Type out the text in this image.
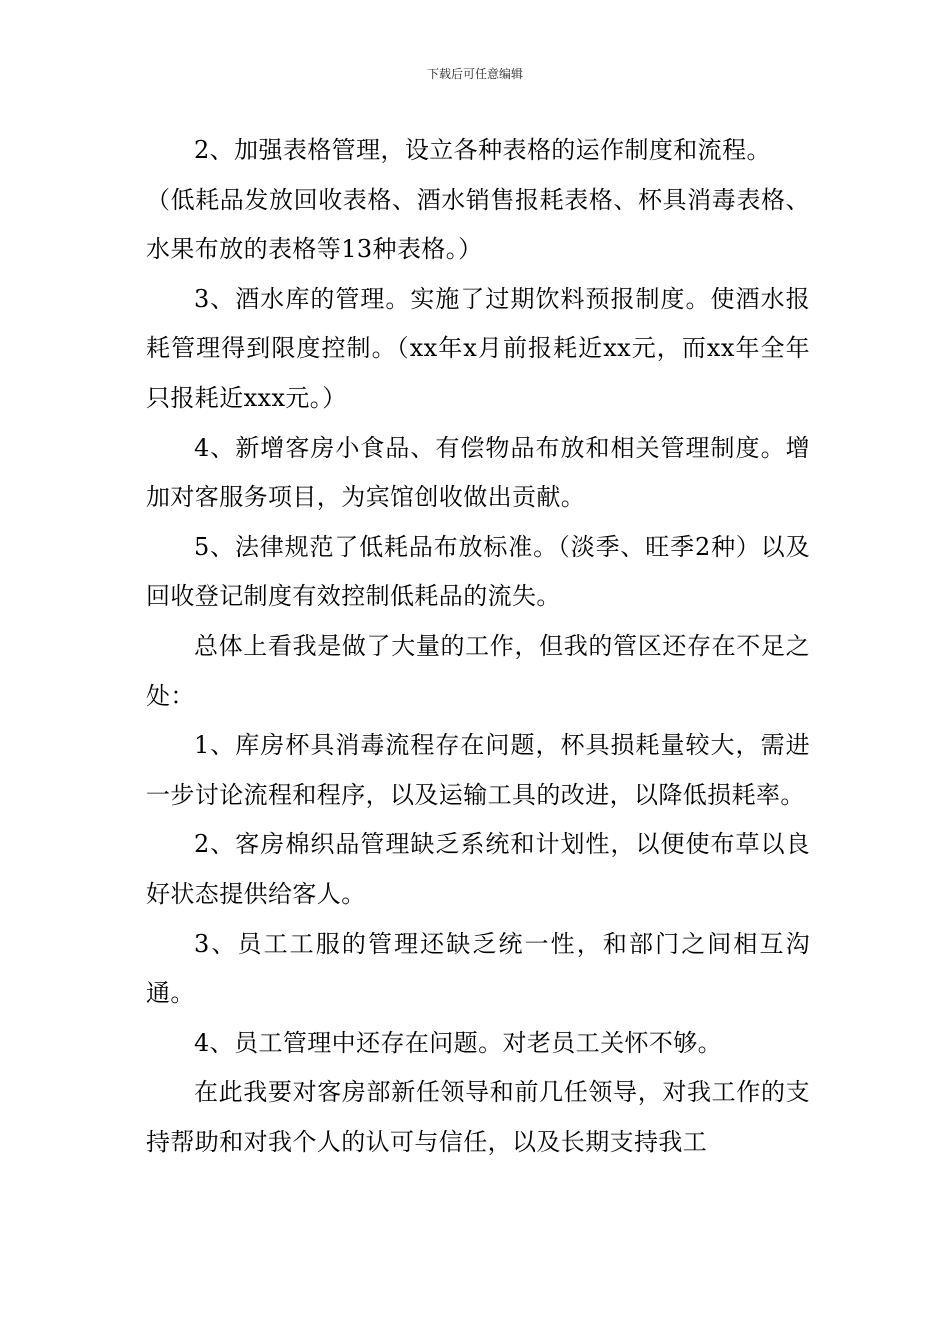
下载后可任意编辑

2、加强表格管理，设立各种表格的运作制度和流程。

（低耗品发放回收表格、酒水销售报耗表格、杯具消毒表格、水果布放的表格等13种表格。）

3、酒水库的管理。实施了过期饮料预报制度。使酒水报耗管理得到限度控制。（xx年x月前报耗近xx元，而xx年全年只报耗近xxx元。）

4、新增客房小食品、有偿物品布放和相关管理制度。增加对客服务项目，为宾馆创收做出贡献。

5、法律规范了低耗品布放标准。（淡季、旺季2种）以及回收登记制度有效控制低耗品的流失。

总体上看我是做了大量的工作，但我的管区还存在不足之处：

1、库房杯具消毒流程存在问题，杯具损耗量较大，需进一步讨论流程和程序，以及运输工具的改进，以降低损耗率。

2、客房棉织品管理缺乏系统和计划性，以便使布草以良好状态提供给客人。

3、员工工服的管理还缺乏统一性，和部门之间相互沟通。

4、员工管理中还存在问题。对老员工关怀不够。

在此我要对客房部新任领导和前几任领导，对我工作的支持帮助和对我个人的认可与信任，以及长期支持我工
